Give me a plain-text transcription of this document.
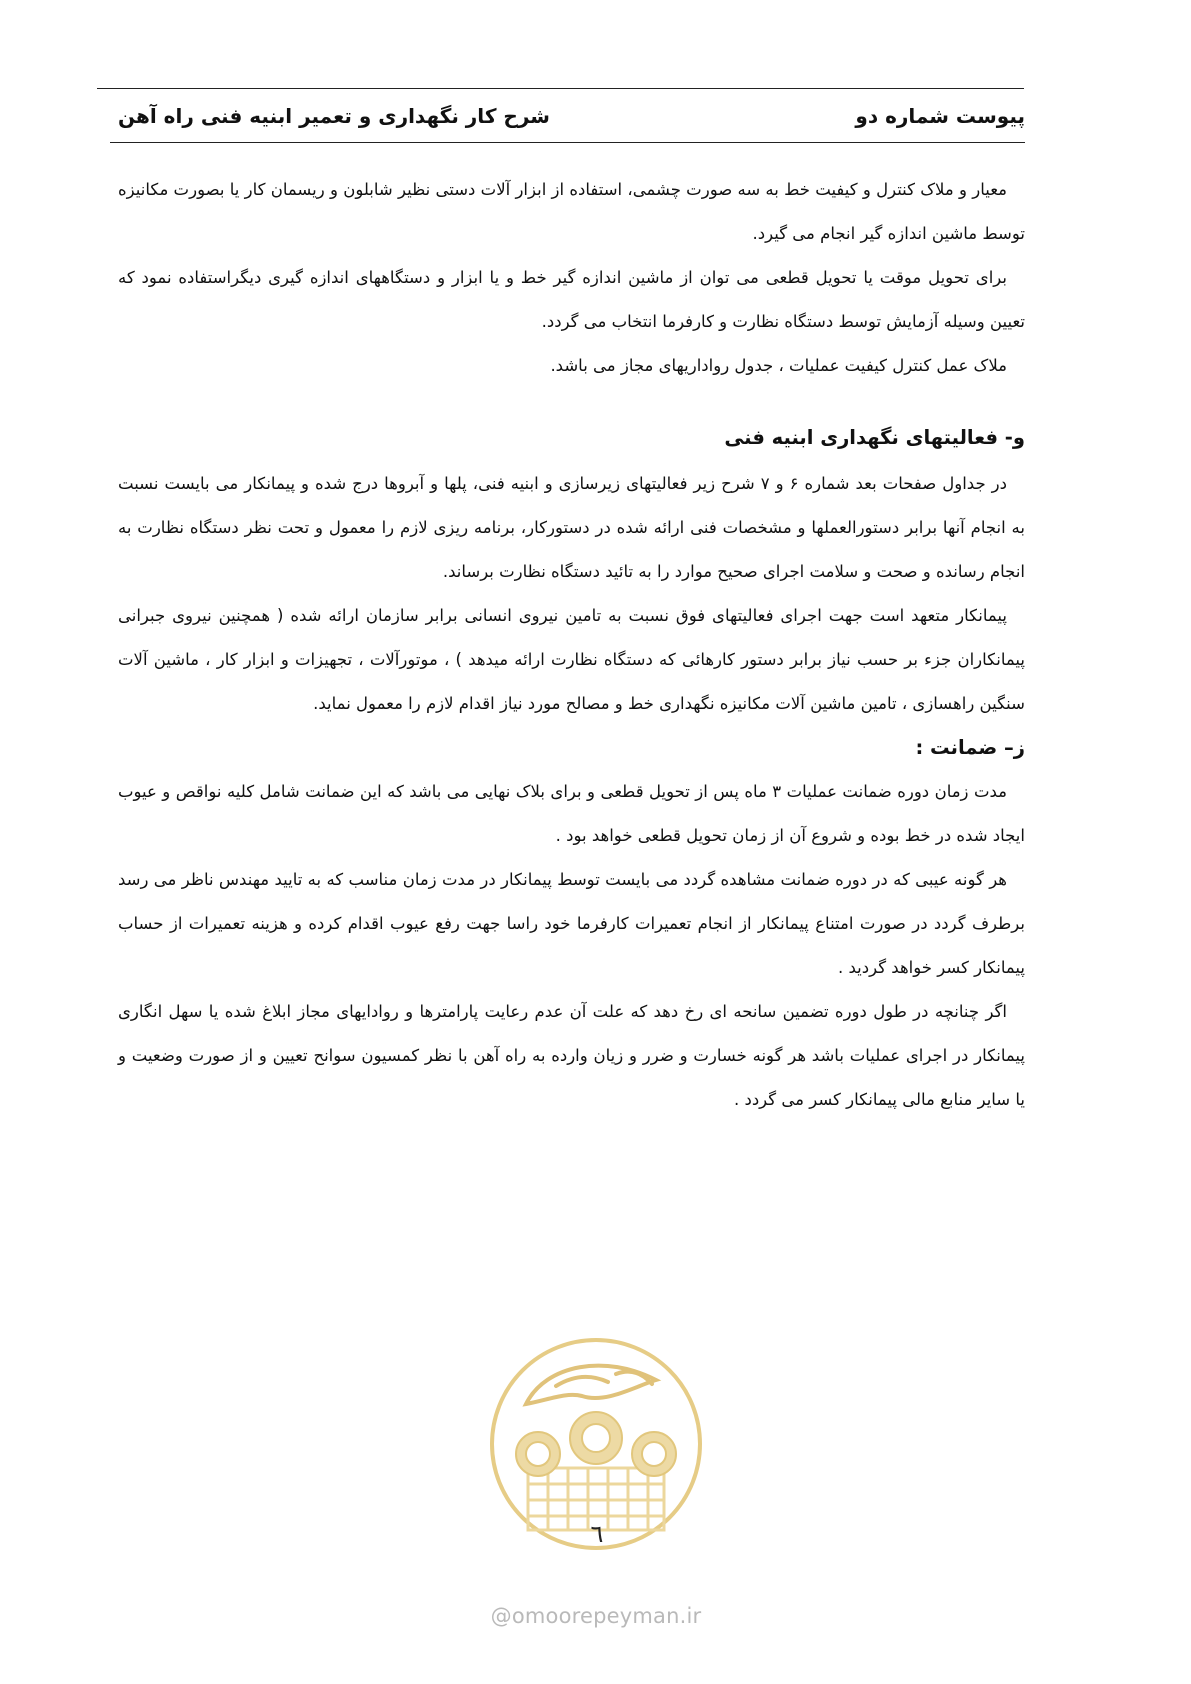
پیوست شماره دو
شرح کار نگهداری و تعمیر ابنیه فنی راه آهن

معیار و ملاک کنترل و کیفیت خط به سه صورت چشمی، استفاده از ابزار آلات دستی نظیر شابلون و ریسمان کار یا بصورت مکانیزه توسط ماشین اندازه گیر انجام می گیرد.

برای تحویل موقت یا تحویل قطعی می توان از ماشین اندازه گیر خط و یا ابزار و دستگاههای اندازه گیری دیگراستفاده نمود که تعیین وسیله آزمایش توسط دستگاه نظارت و کارفرما انتخاب می گردد.

ملاک عمل کنترل کیفیت عملیات ، جدول رواداریهای مجاز می باشد.

و- فعالیتهای نگهداری ابنیه فنی

در جداول صفحات بعد شماره ۶ و ۷ شرح زیر فعالیتهای زیرسازی و ابنیه فنی، پلها و آبروها درج شده و پیمانکار می بایست نسبت به انجام آنها برابر دستورالعملها و مشخصات فنی ارائه شده در دستورکار، برنامه ریزی لازم را معمول و تحت نظر دستگاه نظارت به انجام رسانده و صحت و سلامت اجرای صحیح موارد را به تائید دستگاه نظارت برساند.

پیمانکار متعهد است جهت اجرای فعالیتهای فوق نسبت به تامین نیروی انسانی برابر سازمان ارائه شده ( همچنین نیروی جبرانی پیمانکاران جزء بر حسب نیاز برابر دستور کارهائی که دستگاه نظارت ارائه میدهد ) ، موتورآلات ، تجهیزات و ابزار کار ، ماشین آلات سنگین راهسازی ، تامین ماشین آلات مکانیزه نگهداری خط و مصالح مورد نیاز اقدام لازم را معمول نماید.

ز– ضمانت :

مدت زمان دوره ضمانت عملیات ۳ ماه پس از تحویل قطعی و برای بلاک نهایی می باشد که این ضمانت شامل کلیه نواقص و عیوب ایجاد شده در خط بوده و شروع آن از زمان تحویل قطعی خواهد بود .

هر گونه عیبی که در دوره ضمانت مشاهده گردد می بایست توسط پیمانکار در مدت زمان مناسب که به تایید مهندس ناظر می رسد برطرف گردد در صورت امتناع پیمانکار از انجام تعمیرات کارفرما خود راسا جهت رفع عیوب اقدام کرده و هزینه تعمیرات از حساب پیمانکار کسر خواهد گردید .

اگر چنانچه در طول دوره تضمین سانحه ای رخ دهد که علت آن عدم رعایت پارامترها و روادایهای مجاز ابلاغ شده یا سهل انگاری پیمانکار در اجرای عملیات باشد هر گونه خسارت و ضرر و زیان وارده به راه آهن با نظر کمسیون سوانح تعیین و از صورت وضعیت و یا سایر منابع مالی پیمانکار کسر می گردد .

٦
@omoorepeyman.ir
